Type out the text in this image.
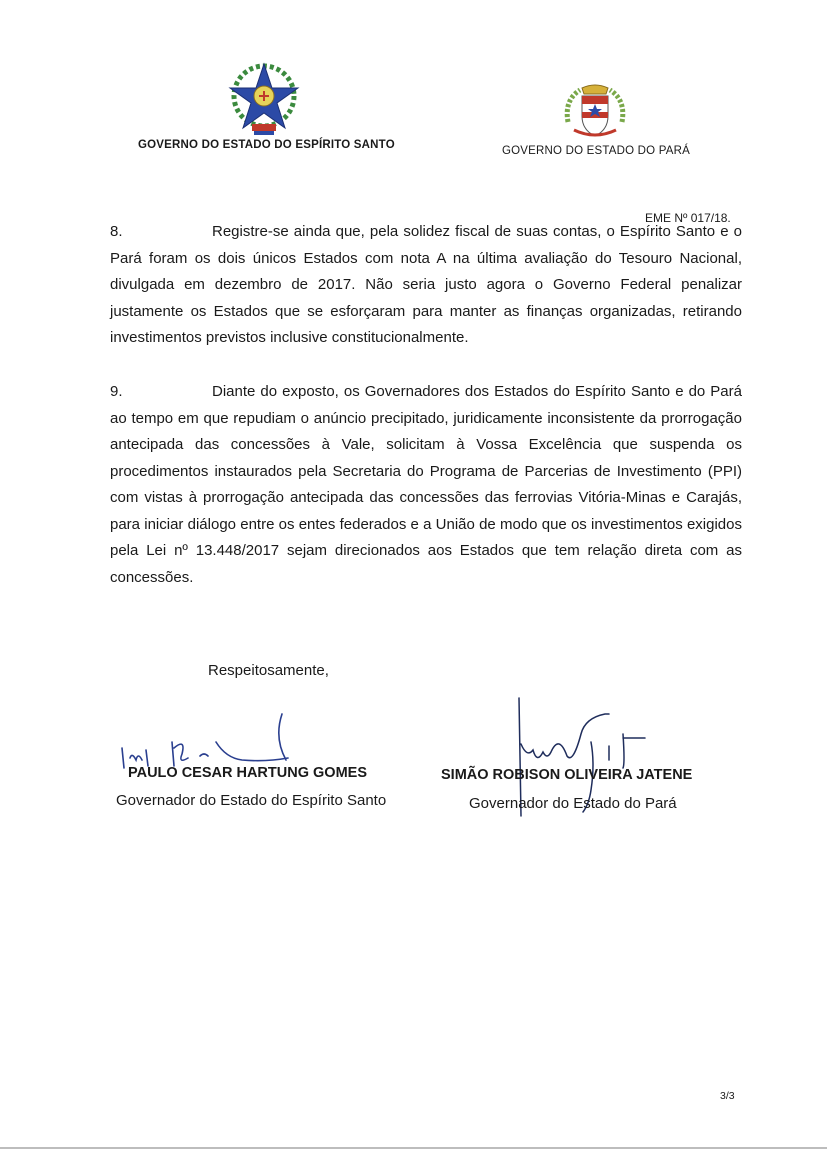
GOVERNO DO ESTADO DO ESPÍRITO SANTO	GOVERNO DO ESTADO DO PARÁ
EME Nº 017/18.

8.	Registre-se ainda que, pela solidez fiscal de suas contas, o Espírito Santo e o Pará foram os dois únicos Estados com nota A na última avaliação do Tesouro Nacional, divulgada em dezembro de 2017. Não seria justo agora o Governo Federal penalizar justamente os Estados que se esforçaram para manter as finanças organizadas, retirando investimentos previstos inclusive constitucionalmente.

9.	Diante do exposto, os Governadores dos Estados do Espírito Santo e do Pará ao tempo em que repudiam o anúncio precipitado, juridicamente inconsistente da prorrogação antecipada das concessões à Vale, solicitam à Vossa Excelência que suspenda os procedimentos instaurados pela Secretaria do Programa de Parcerias de Investimento (PPI) com vistas à prorrogação antecipada das concessões das ferrovias Vitória-Minas e Carajás, para iniciar diálogo entre os entes federados e a União de modo que os investimentos exigidos pela Lei nº 13.448/2017 sejam direcionados aos Estados que tem relação direta com as concessões.

Respeitosamente,
PAULO CESAR HARTUNG GOMES
Governador do Estado do Espírito Santo
SIMÃO ROBISON OLIVEIRA JATENE
Governador do Estado do Pará
3/3
